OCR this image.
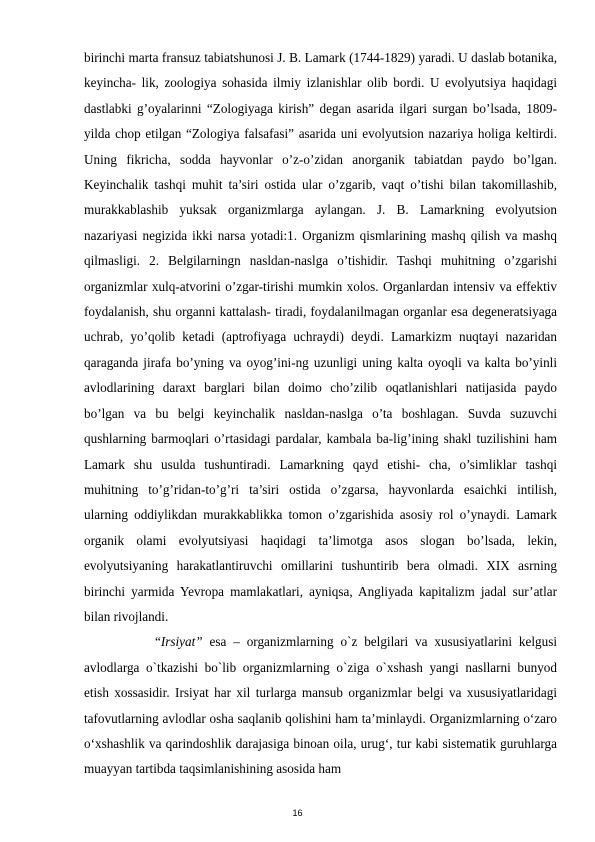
birinchi marta fransuz tabiatshunosi J. B. Lamark (1744-1829) yaradi. U daslab botanika, keyincha- lik, zoologiya sohasida ilmiy izlanishlar olib bordi. U evolyutsiya haqidagi dastlabki g’oyalarinni “Zologiyaga kirish” degan asarida ilgari surgan bo’lsada, 1809-yilda chop etilgan “Zologiya falsafasi” asarida uni evolyutsion nazariya holiga keltirdi. Uning fikricha, sodda hayvonlar o’z-o’zidan anorganik tabiatdan paydo bo’lgan. Keyinchalik tashqi muhit ta’siri ostida ular o’zgarib, vaqt o’tishi bilan takomillashib, murakkablashib yuksak organizmlarga aylangan. J. B. Lamarkning evolyutsion nazariyasi negizida ikki narsa yotadi:1. Organizm qismlarining mashq qilish va mashq qilmasligi. 2. Belgilarningn nasldan-naslga o’tishidir. Tashqi muhitning o’zgarishi organizmlar xulq-atvorini o’zgar-tirishi mumkin xolos. Organlardan intensiv va effektiv foydalanish, shu organni kattalash- tiradi, foydalanilmagan organlar esa degeneratsiyaga uchrab, yo’qolib ketadi (aptrofiyaga uchraydi) deydi. Lamarkizm nuqtayi nazaridan qaraganda jirafa bo’yning va oyog’ini-ng uzunligi uning kalta oyoqli va kalta bo’yinli avlodlarining daraxt barglari bilan doimo cho’zilib oqatlanishlari natijasida paydo bo’lgan va bu belgi keyinchalik nasldan-naslga o’ta boshlagan. Suvda suzuvchi qushlarning barmoqlari o’rtasidagi pardalar, kambala ba-lig’ining shakl tuzilishini ham Lamark shu usulda tushuntiradi. Lamarkning qayd etishi- cha, o’simliklar tashqi muhitning to’g’ridan-to’g’ri ta’siri ostida o’zgarsa, hayvonlarda esaichki intilish, ularning oddiylikdan murakkablikka tomon o’zgarishida asosiy rol o’ynaydi. Lamark organik olami evolyutsiyasi haqidagi ta’limotga asos slogan bo’lsada, lekin, evolyutsiyaning harakatlantiruvchi omillarini tushuntirib bera olmadi. XIX asrning birinchi yarmida Yevropa mamlakatlari, ayniqsa, Angliyada kapitalizm jadal sur’atlar bilan rivojlandi.

“Irsiyat” esa – organizmlarning o`z belgilari va xususiyatlarini kelgusi avlodlarga o`tkazishi bo`lib organizmlarning o`ziga o`xshash yangi nasllarni bunyod etish xossasidir. Irsiyat har xil turlarga mansub organizmlar belgi va xususiyatlaridagi tafovutlarning avlodlar osha saqlanib qolishini ham ta’minlaydi. Organizmlarning o‘zaro o‘xshashlik va qarindoshlik darajasiga binoan oila, urug‘, tur kabi sistematik guruhlarga muayyan tartibda taqsimlanishining asosida ham

16
